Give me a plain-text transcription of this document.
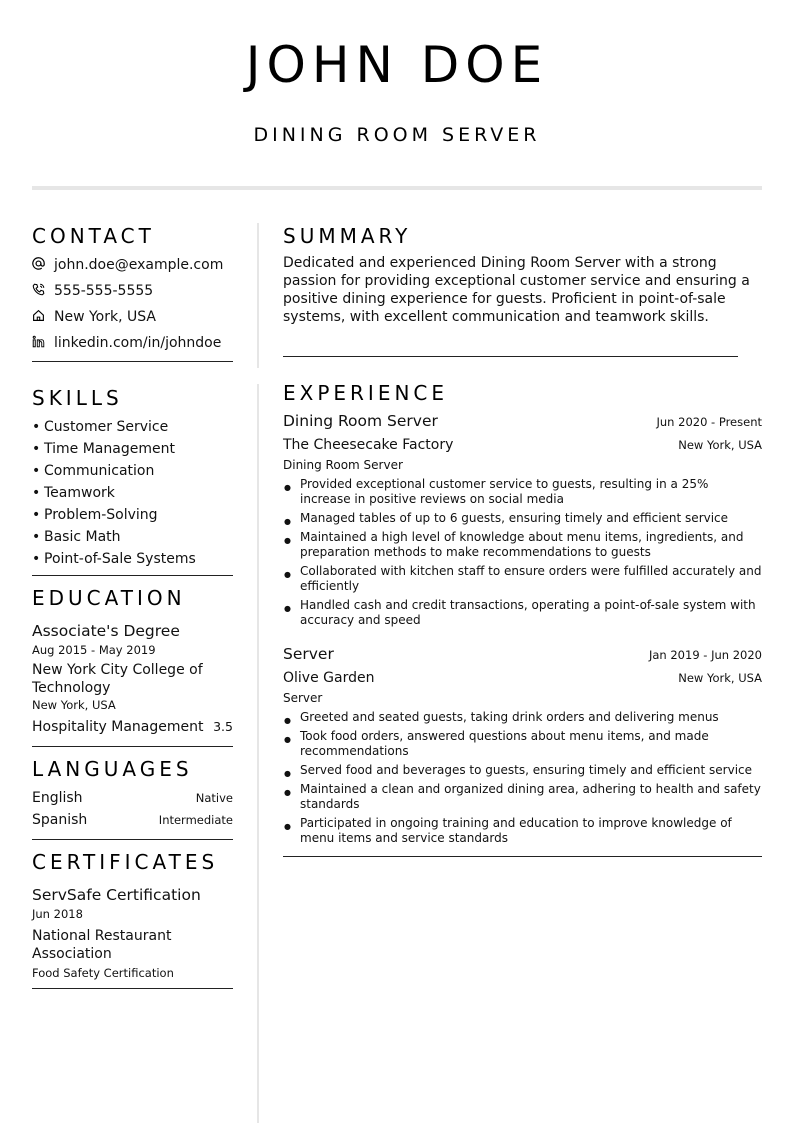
JOHN DOE
DINING ROOM SERVER
CONTACT
john.doe@example.com
555-555-5555
New York, USA
linkedin.com/in/johndoe
SKILLS
• Customer Service
• Time Management
• Communication
• Teamwork
• Problem-Solving
• Basic Math
• Point-of-Sale Systems
EDUCATION
Associate's Degree
Aug 2015 - May 2019
New York City College of Technology
New York, USA
Hospitality Management 3.5
LANGUAGES
English	Native
Spanish	Intermediate
CERTIFICATES
ServSafe Certification
Jun 2018
National Restaurant Association
Food Safety Certification
SUMMARY
Dedicated and experienced Dining Room Server with a strong passion for providing exceptional customer service and ensuring a positive dining experience for guests. Proficient in point-of-sale systems, with excellent communication and teamwork skills.
EXPERIENCE
Dining Room Server	Jun 2020 - Present
The Cheesecake Factory	New York, USA
Dining Room Server
● Provided exceptional customer service to guests, resulting in a 25% increase in positive reviews on social media
● Managed tables of up to 6 guests, ensuring timely and efficient service
● Maintained a high level of knowledge about menu items, ingredients, and preparation methods to make recommendations to guests
● Collaborated with kitchen staff to ensure orders were fulfilled accurately and efficiently
● Handled cash and credit transactions, operating a point-of-sale system with accuracy and speed
Server	Jan 2019 - Jun 2020
Olive Garden	New York, USA
Server
● Greeted and seated guests, taking drink orders and delivering menus
● Took food orders, answered questions about menu items, and made recommendations
● Served food and beverages to guests, ensuring timely and efficient service
● Maintained a clean and organized dining area, adhering to health and safety standards
● Participated in ongoing training and education to improve knowledge of menu items and service standards
